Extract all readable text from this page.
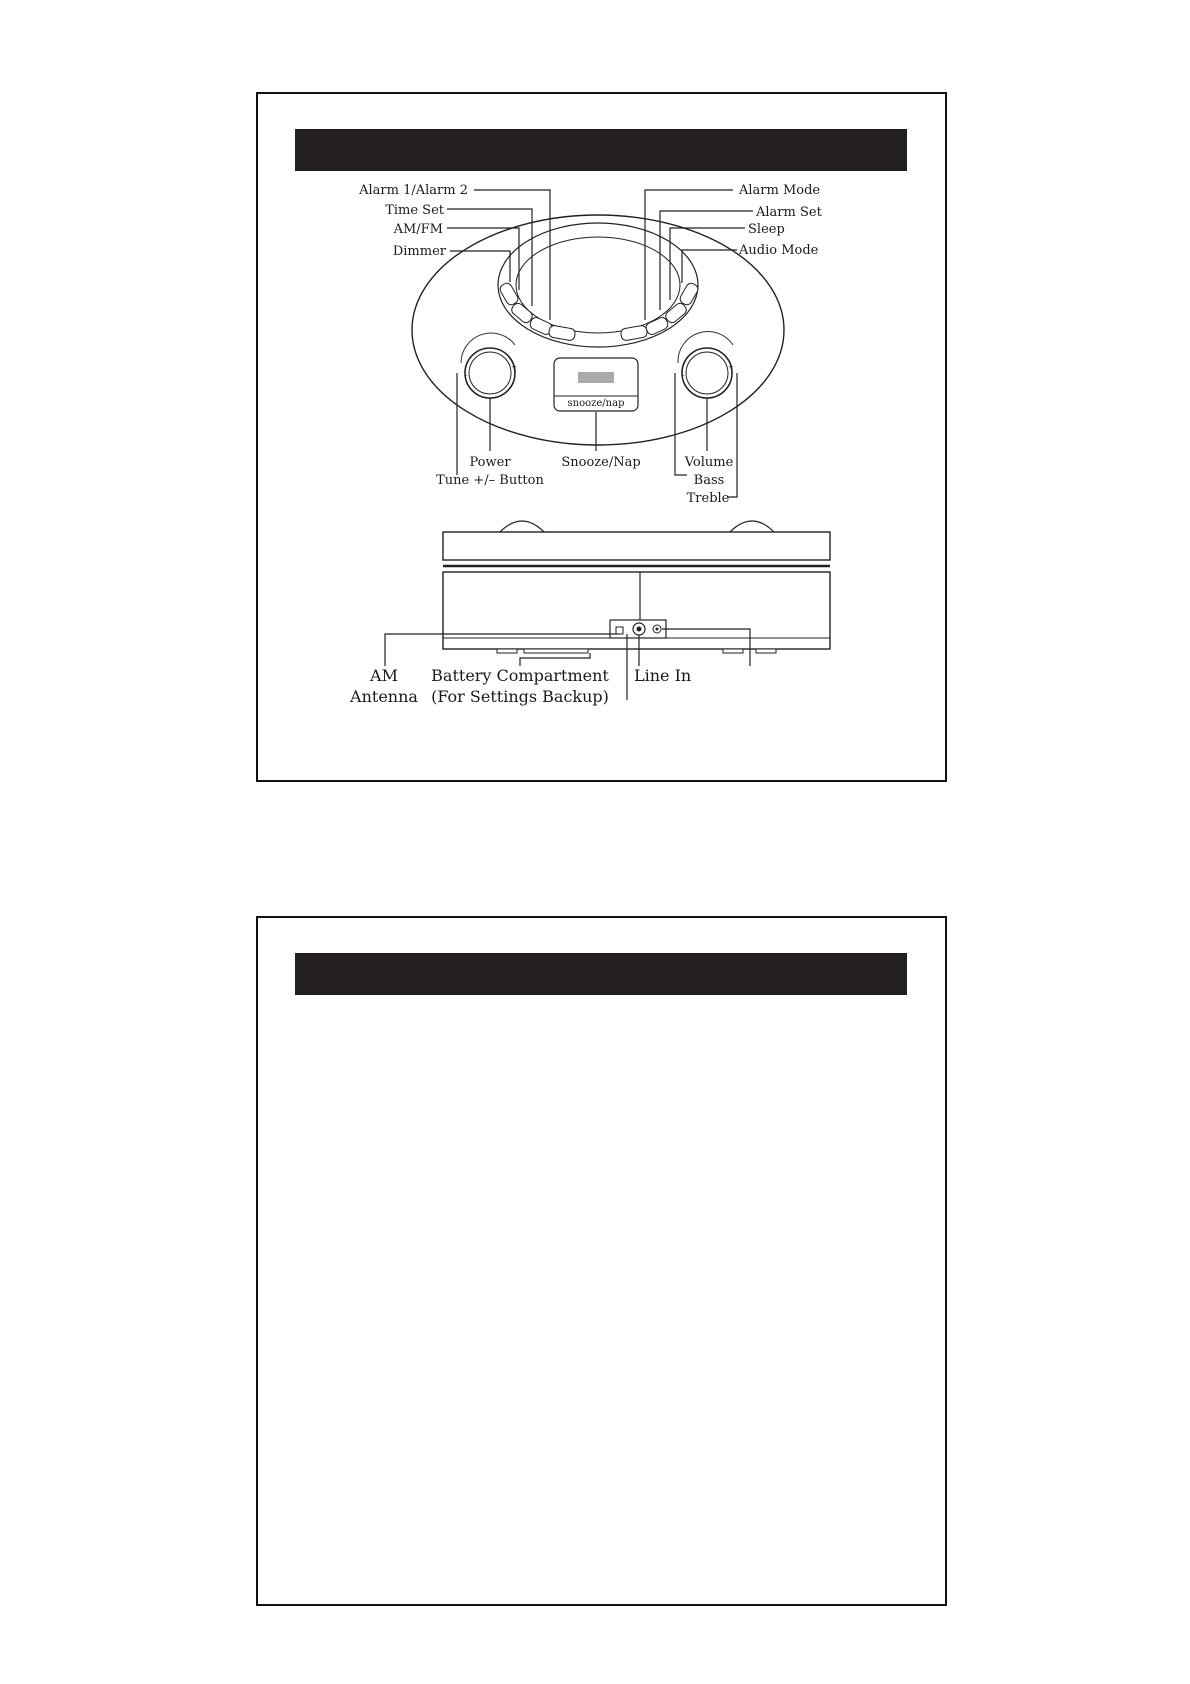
–
+
–
+
snooze/nap
Alarm 1/Alarm 2
Time Set
AM/FM
Dimmer
Alarm Mode
Alarm Set
Sleep
Audio Mode
Power
Tune +/– Button
Snooze/Nap	Volume
Bass
Treble
AM
Antenna
Battery Compartment
(For Settings Backup)
Line In
